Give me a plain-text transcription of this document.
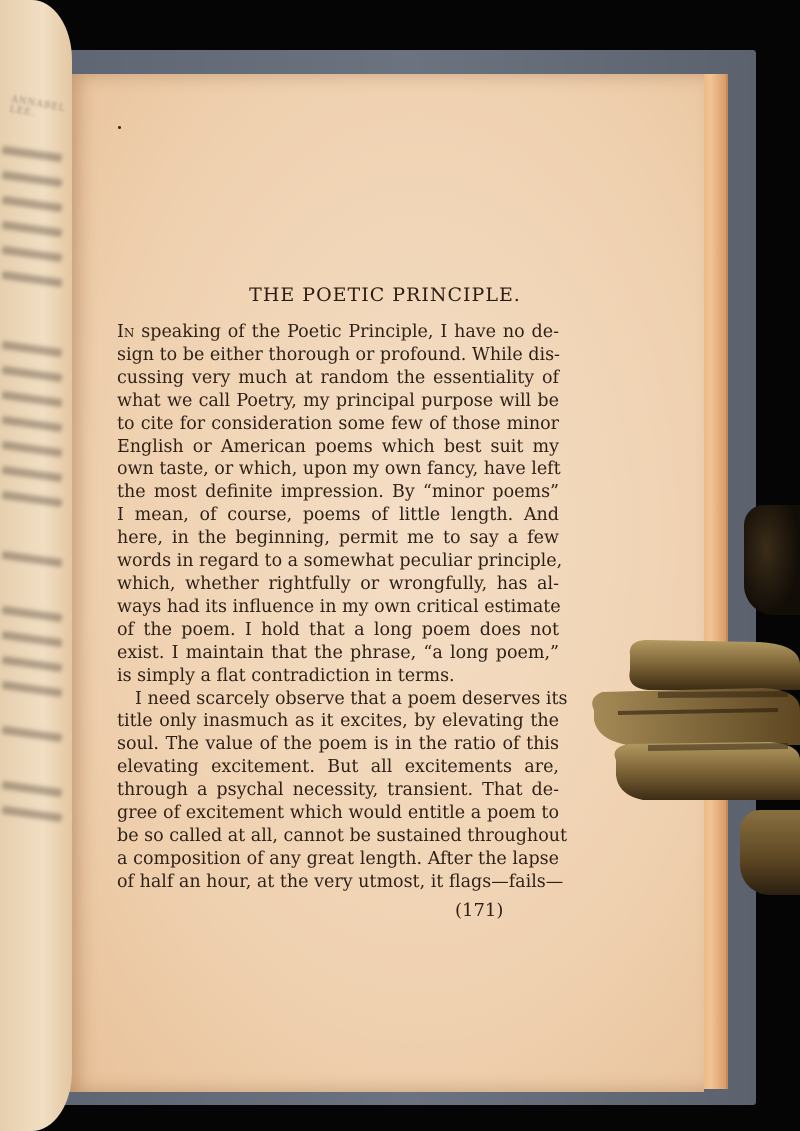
ANNABEL LEE.
THE POETIC PRINCIPLE.
In speaking of the Poetic Principle, I have no de-
sign to be either thorough or profound. While dis-
cussing very much at random the essentiality of
what we call Poetry, my principal purpose will be
to cite for consideration some few of those minor
English or American poems which best suit my
own taste, or which, upon my own fancy, have left
the most definite impression. By “minor poems”
I mean, of course, poems of little length. And
here, in the beginning, permit me to say a few
words in regard to a somewhat peculiar principle,
which, whether rightfully or wrongfully, has al-
ways had its influence in my own critical estimate
of the poem. I hold that a long poem does not
exist. I maintain that the phrase, “a long poem,”
is simply a flat contradiction in terms.
I need scarcely observe that a poem deserves its
title only inasmuch as it excites, by elevating the
soul. The value of the poem is in the ratio of this
elevating excitement. But all excitements are,
through a psychal necessity, transient. That de-
gree of excitement which would entitle a poem to
be so called at all, cannot be sustained throughout
a composition of any great length. After the lapse
of half an hour, at the very utmost, it flags—fails—
(171)
